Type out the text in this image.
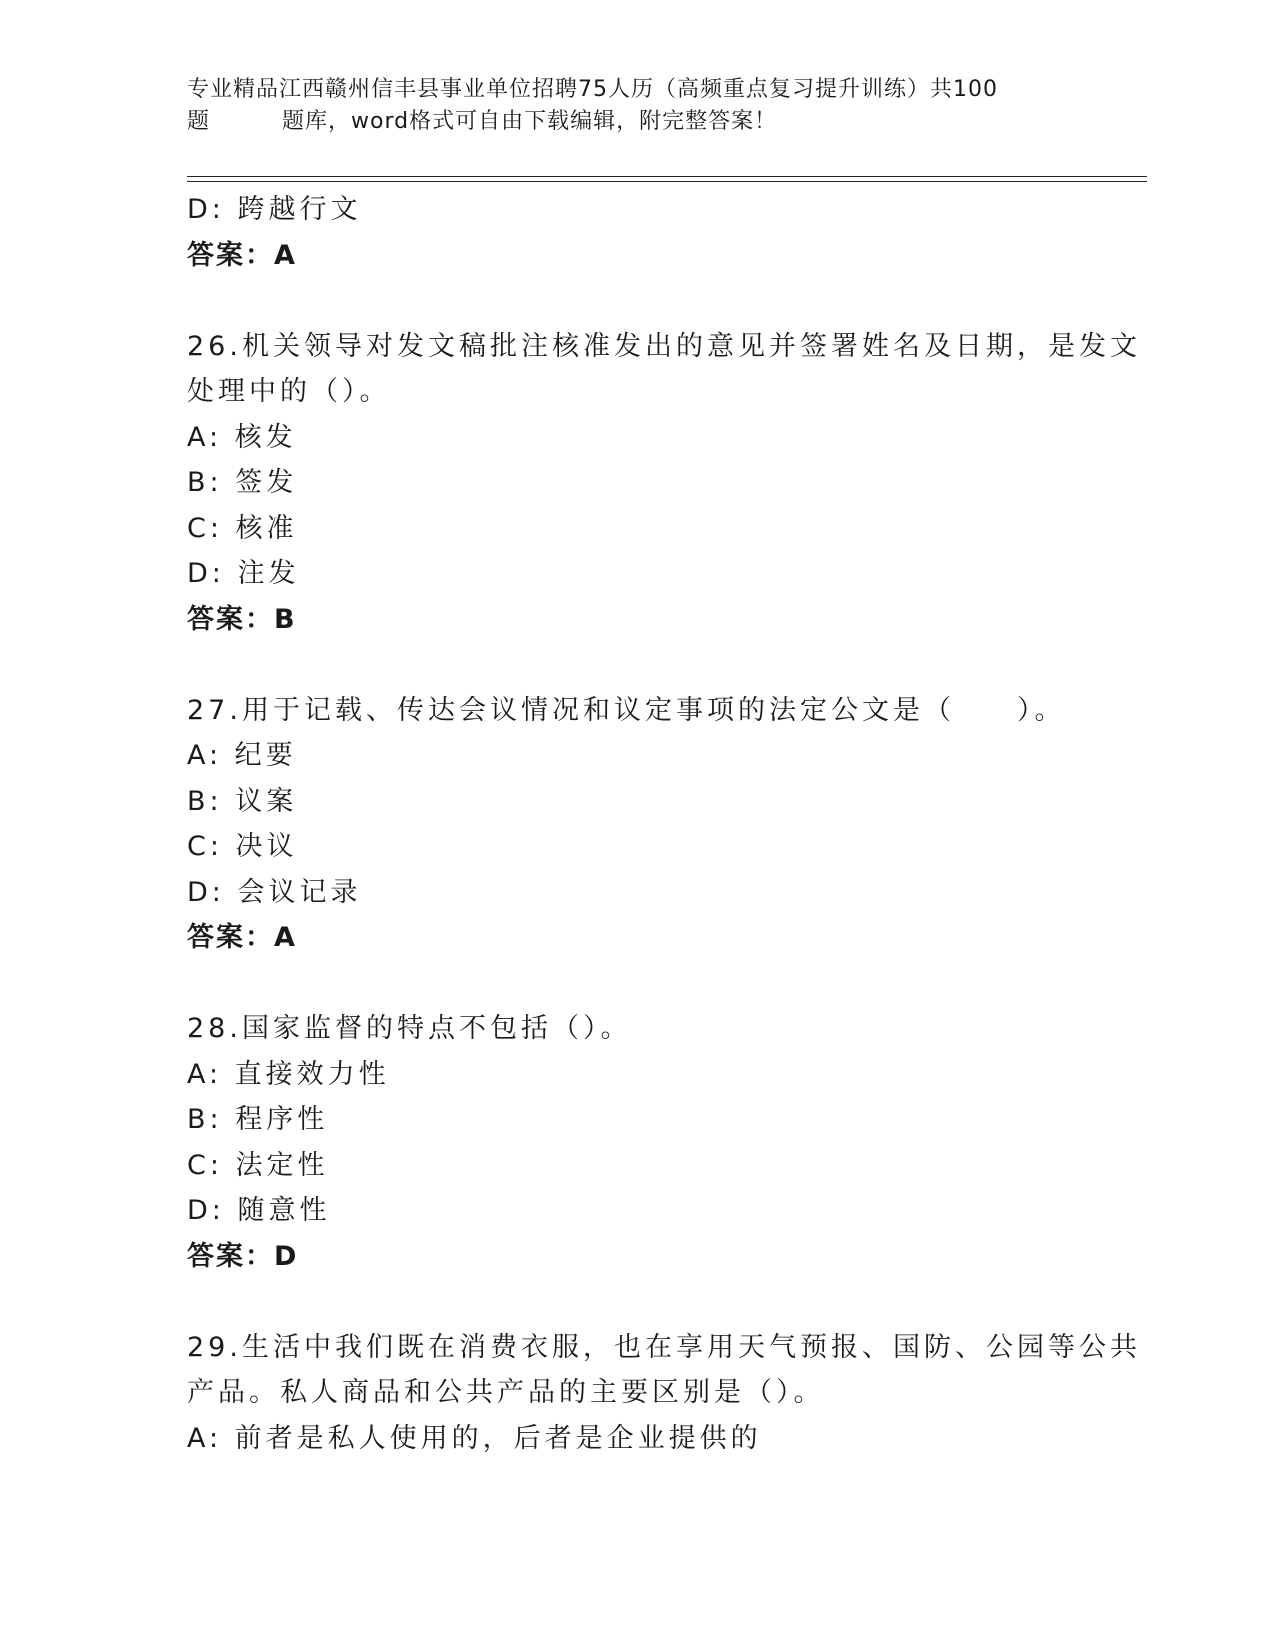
专业精品江西赣州信丰县事业单位招聘75人历（高频重点复习提升训练）共100
题	题库，word格式可自由下载编辑，附完整答案！
D: 跨越行文
答案：A
26.机关领导对发文稿批注核准发出的意见并签署姓名及日期，是发文
处理中的（）。
A: 核发
B: 签发
C: 核准
D: 注发
答案：B
27.用于记载、传达会议情况和议定事项的法定公文是（　　）。
A: 纪要
B: 议案
C: 决议
D: 会议记录
答案：A
28.国家监督的特点不包括（）。
A: 直接效力性
B: 程序性
C: 法定性
D: 随意性
答案：D
29.生活中我们既在消费衣服，也在享用天气预报、国防、公园等公共
产品。私人商品和公共产品的主要区别是（）。
A: 前者是私人使用的，后者是企业提供的
